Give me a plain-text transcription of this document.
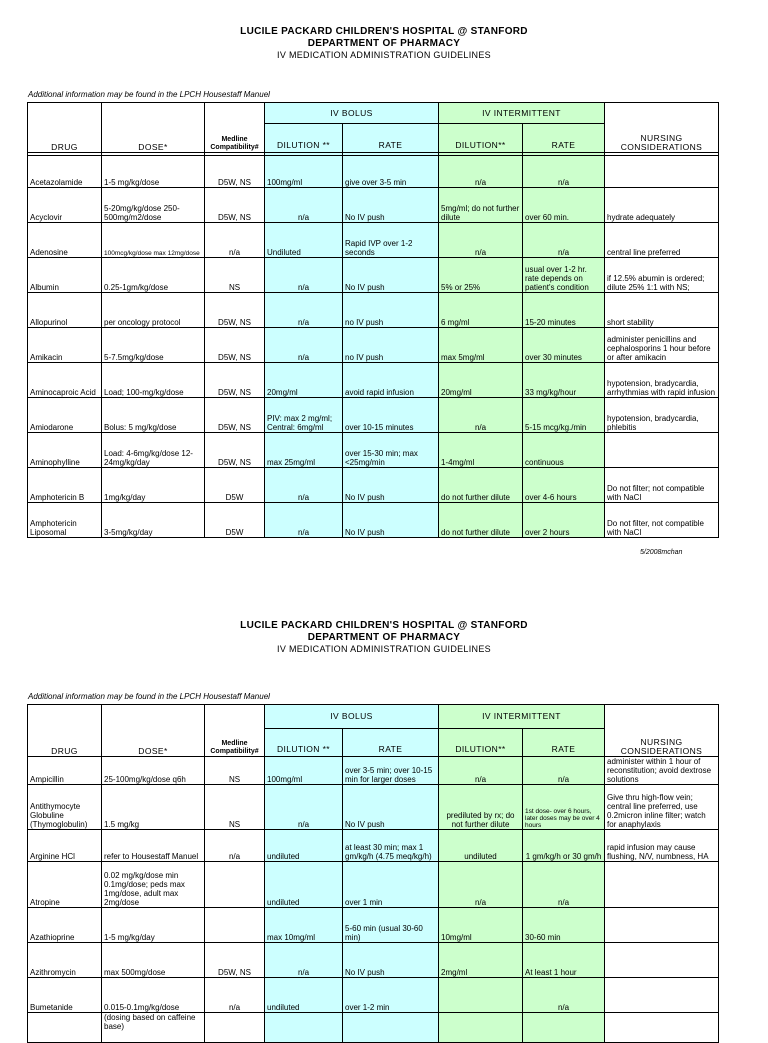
LUCILE PACKARD CHILDREN'S HOSPITAL @ STANFORD
DEPARTMENT OF PHARMACY
IV MEDICATION ADMINISTRATION GUIDELINES
Additional information may be found in the LPCH Housestaff Manuel
DRUG	DOSE*	Medline Compatibility#	IV BOLUS		IV INTERMITTENT		NURSING CONSIDERATIONS
			DILUTION **	RATE	DILUTION**	RATE	

Acetazolamide	1-5 mg/kg/dose	D5W, NS	100mg/ml	give over 3-5 min	n/a	n/a	
Acyclovir	5-20mg/kg/dose 250-500mg/m2/dose	D5W, NS	n/a	No IV push	5mg/ml; do not further dilute	over 60 min.	hydrate adequately
Adenosine	100mcg/kg/dose max 12mg/dose	n/a	Undiluted	Rapid IVP over 1-2 seconds	n/a	n/a	central line preferred
Albumin	0.25-1gm/kg/dose	NS	n/a	No IV push	5% or 25%	usual over 1-2 hr. rate depends on patient's condition	if 12.5% abumin is ordered; dilute 25% 1:1 with NS;
Allopurinol	per oncology protocol	D5W, NS	n/a	no IV push	6 mg/ml	15-20 minutes	short stability
Amikacin	5-7.5mg/kg/dose	D5W, NS	n/a	no IV push	max 5mg/ml	over 30 minutes	administer penicillins and cephalosporins 1 hour before or after amikacin
Aminocaproic Acid	Load; 100-mg/kg/dose	D5W, NS	20mg/ml	avoid rapid infusion	20mg/ml	33 mg/kg/hour	hypotension, bradycardia, arrhythmias with rapid infusion
Amiodarone	Bolus: 5 mg/kg/dose	D5W, NS	PIV: max 2 mg/ml; Central: 6mg/ml	over 10-15 minutes	n/a	5-15 mcg/kg./min	hypotension, bradycardia, phlebitis
Aminophylline	Load: 4-6mg/kg/dose 12-24mg/kg/day	D5W, NS	max 25mg/ml	over 15-30 min; max <25mg/min	1-4mg/ml	continuous	
Amphotericin B	1mg/kg/day	D5W	n/a	No IV push	do not further dilute	over 4-6 hours	Do not filter; not compatible with NaCl
Amphotericin Liposomal	3-5mg/kg/day	D5W	n/a	No IV push	do not further dilute	over 2 hours	Do not filter, not compatible with NaCl
5/2008mchan
LUCILE PACKARD CHILDREN'S HOSPITAL @ STANFORD
DEPARTMENT OF PHARMACY
IV MEDICATION ADMINISTRATION GUIDELINES
Additional information may be found in the LPCH Housestaff Manuel
DRUG	DOSE*	Medline Compatibility#	IV BOLUS		IV INTERMITTENT		NURSING CONSIDERATIONS
			DILUTION **	RATE	DILUTION**	RATE	
Ampicillin	25-100mg/kg/dose q6h	NS	100mg/ml	over 3-5 min; over 10-15 min for larger doses	n/a	n/a	administer within 1 hour of reconstitution; avoid dextrose solutions
Antithymocyte Globuline (Thymoglobulin)	1.5 mg/kg	NS	n/a	No IV push	prediluted by rx; do not further dilute	1st dose- over 6 hours, later doses may be over 4 hours	Give thru high-flow vein; central line preferred, use 0.2micron inline filter; watch for anaphylaxis
Arginine HCl	refer to Housestaff Manuel	n/a	undiluted	at least 30 min; max 1 gm/kg/h (4.75 meq/kg/h)	undiluted	1 gm/kg/h or 30 gm/h	rapid infusion may cause flushing, N/V, numbness, HA
Atropine	0.02 mg/kg/dose min 0.1mg/dose; peds max 1mg/dose, adult max 2mg/dose		undiluted	over 1 min	n/a	n/a	
Azathioprine	1-5 mg/kg/day		max 10mg/ml	5-60 min (usual 30-60 min)	10mg/ml	30-60 min	
Azithromycin	max 500mg/dose	D5W, NS	n/a	No IV push	2mg/ml	At least 1 hour	
Bumetanide	0.015-0.1mg/kg/dose	n/a	undiluted	over 1-2 min		n/a	
	(dosing based on caffeine base)						
